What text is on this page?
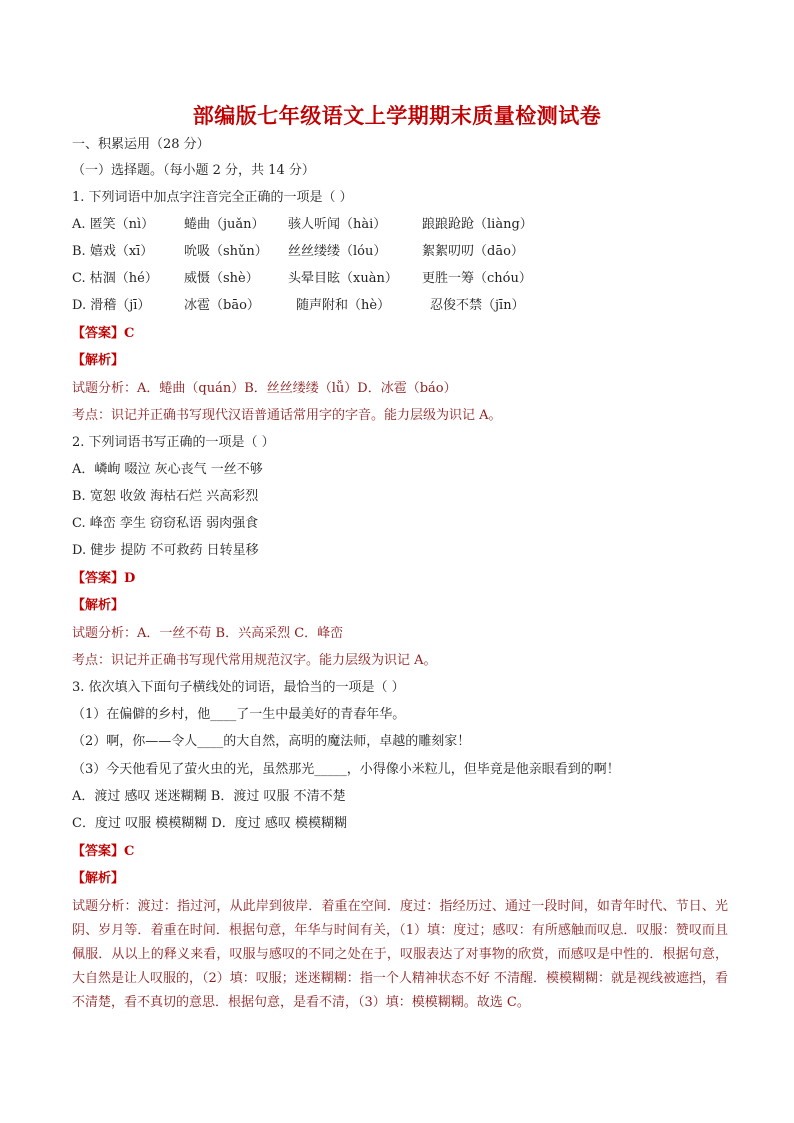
部编版七年级语文上学期期末质量检测试卷
一、积累运用（28 分）
（一）选择题。（每小题 2 分，共 14 分）
1. 下列词语中加点字注音完全正确的一项是（ ）
A. 匿笑（nì） 蜷曲（juǎn） 骇人听闻（hài）	踉踉跄跄（liàng）
B. 嬉戏（xī） 吮吸（shǔn） 丝丝缕缕（lóu）	絮絮叨叨（dāo）
C. 枯涸（hé） 威慑（shè） 头晕目眩（xuàn） 更胜一筹（chóu）
D. 滑稽（jī）	冰雹（bāo）	随声附和（hè）	忍俊不禁（jīn）
【答案】C
【解析】
试题分析：A．蜷曲（quán）B．丝丝缕缕（lǚ）D．冰雹（báo）
考点：识记并正确书写现代汉语普通话常用字的字音。能力层级为识记 A。
2. 下列词语书写正确的一项是（ ）
A．嶙峋 啜泣 灰心丧气 一丝不够
B. 宽恕 收敛 海枯石烂 兴高彩烈
C. 峰峦 孪生 窃窃私语 弱肉强食
D. 健步 提防 不可救药 日转星移
【答案】D
【解析】
试题分析：A．一丝不苟 B．兴高采烈 C．峰峦
考点：识记并正确书写现代常用规范汉字。能力层级为识记 A。
3. 依次填入下面句子横线处的词语，最恰当的一项是（ ）
（1）在偏僻的乡村，他____了一生中最美好的青春年华。
（2）啊，你——令人____的大自然，高明的魔法师，卓越的雕刻家！
（3）今天他看见了萤火虫的光，虽然那光_____，小得像小米粒儿，但毕竟是他亲眼看到的啊！
A．渡过 感叹 迷迷糊糊 B．渡过 叹服 不清不楚
C．度过 叹服 模模糊糊 D．度过 感叹 模模糊糊
【答案】C
【解析】
试题分析：渡过：指过河，从此岸到彼岸．着重在空间．度过：指经历过、通过一段时间，如青年时代、节日、光阴、岁月等．着重在时间．根据句意，年华与时间有关，（1）填：度过；感叹：有所感触而叹息．叹服：赞叹而且佩服．从以上的释义来看，叹服与感叹的不同之处在于，叹服表达了对事物的欣赏，而感叹是中性的．根据句意，大自然是让人叹服的，（2）填：叹服；迷迷糊糊：指一个人精神状态不好 不清醒．模模糊糊：就是视线被遮挡，看不清楚，看不真切的意思．根据句意，是看不清，（3）填：模模糊糊。故选 C。
